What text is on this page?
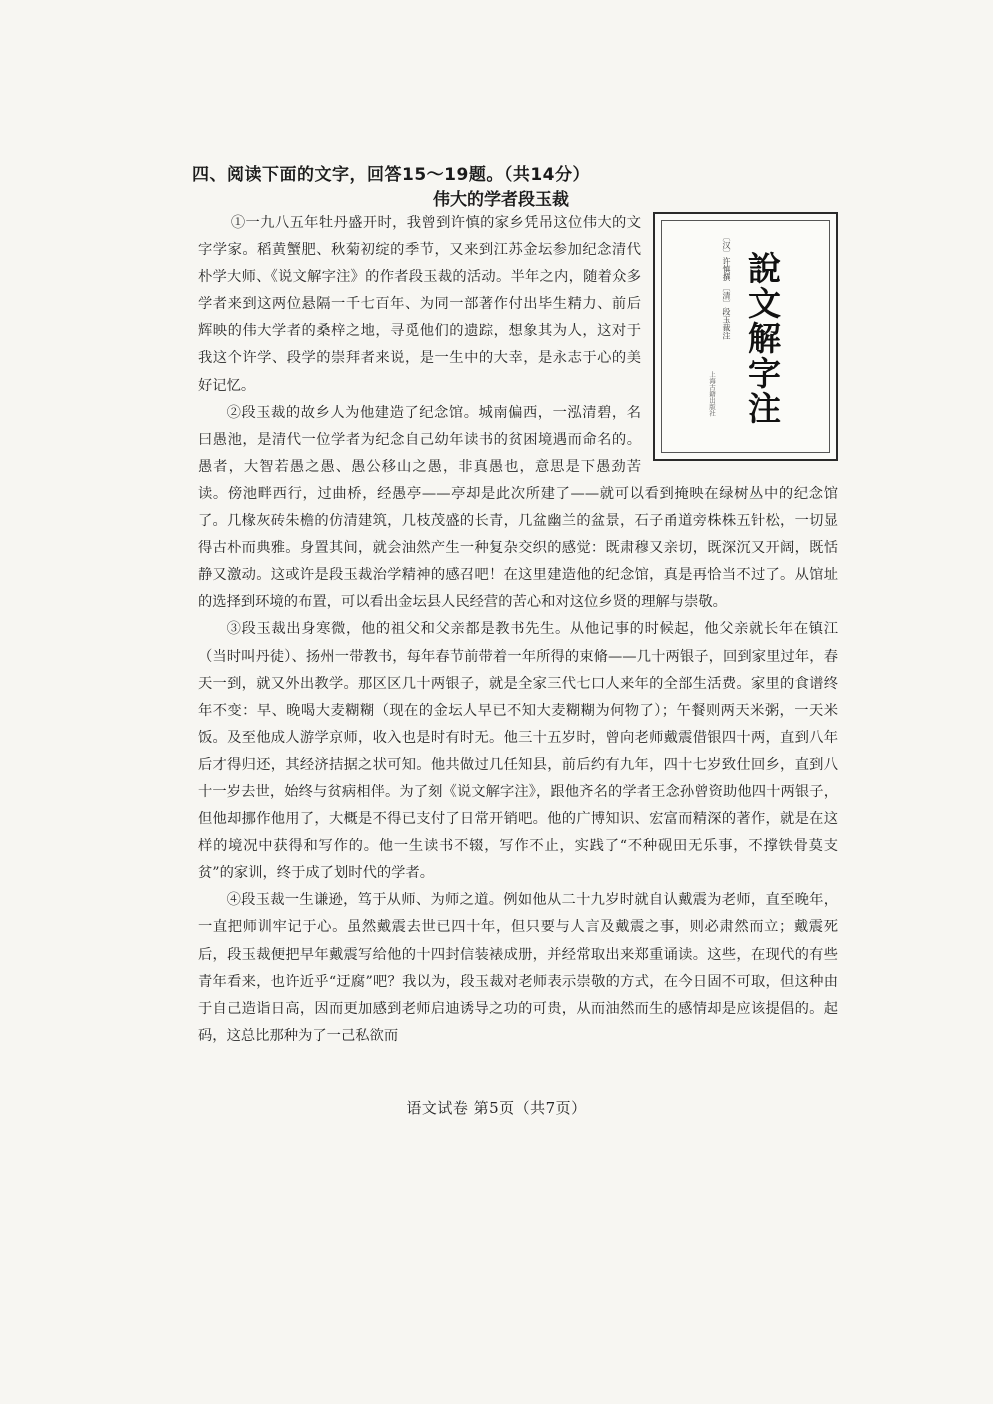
四、阅读下面的文字，回答15～19题。（共14分）
伟大的学者段玉裁
〔汉〕许慎撰 〔清〕段玉裁注 說文解字注
上海古籍出版社

①一九八五年牡丹盛开时，我曾到许慎的家乡凭吊这位伟大的文字学家。稻黄蟹肥、秋菊初绽的季节，又来到江苏金坛参加纪念清代朴学大师、《说文解字注》的作者段玉裁的活动。半年之内，随着众多学者来到这两位悬隔一千七百年、为同一部著作付出毕生精力、前后辉映的伟大学者的桑梓之地，寻觅他们的遗踪，想象其为人，这对于我这个许学、段学的崇拜者来说，是一生中的大幸，是永志于心的美好记忆。

②段玉裁的故乡人为他建造了纪念馆。城南偏西，一泓清碧，名曰愚池，是清代一位学者为纪念自己幼年读书的贫困境遇而命名的。愚者，大智若愚之愚、愚公移山之愚，非真愚也，意思是下愚劲苦读。傍池畔西行，过曲桥，经愚亭——亭却是此次所建了——就可以看到掩映在绿树丛中的纪念馆了。几椽灰砖朱檐的仿清建筑，几枝茂盛的长青，几盆幽兰的盆景，石子甬道旁株株五针松，一切显得古朴而典雅。身置其间，就会油然产生一种复杂交织的感觉：既肃穆又亲切，既深沉又开阔，既恬静又激动。这或许是段玉裁治学精神的感召吧！在这里建造他的纪念馆，真是再恰当不过了。从馆址的选择到环境的布置，可以看出金坛县人民经营的苦心和对这位乡贤的理解与崇敬。

③段玉裁出身寒微，他的祖父和父亲都是教书先生。从他记事的时候起，他父亲就长年在镇江（当时叫丹徒）、扬州一带教书，每年春节前带着一年所得的束脩——几十两银子，回到家里过年，春天一到，就又外出教学。那区区几十两银子，就是全家三代七口人来年的全部生活费。家里的食谱终年不变：早、晚喝大麦糊糊（现在的金坛人早已不知大麦糊糊为何物了）；午餐则两天米粥，一天米饭。及至他成人游学京师，收入也是时有时无。他三十五岁时，曾向老师戴震借银四十两，直到八年后才得归还，其经济拮据之状可知。他共做过几任知县，前后约有九年，四十七岁致仕回乡，直到八十一岁去世，始终与贫病相伴。为了刻《说文解字注》，跟他齐名的学者王念孙曾资助他四十两银子，但他却挪作他用了，大概是不得已支付了日常开销吧。他的广博知识、宏富而精深的著作，就是在这样的境况中获得和写作的。他一生读书不辍，写作不止，实践了“不种砚田无乐事，不撑铁骨莫支贫”的家训，终于成了划时代的学者。

④段玉裁一生谦逊，笃于从师、为师之道。例如他从二十九岁时就自认戴震为老师，直至晚年，一直把师训牢记于心。虽然戴震去世已四十年，但只要与人言及戴震之事，则必肃然而立；戴震死后，段玉裁便把早年戴震写给他的十四封信装裱成册，并经常取出来郑重诵读。这些，在现代的有些青年看来，也许近乎“迂腐”吧？我以为，段玉裁对老师表示崇敬的方式，在今日固不可取，但这种由于自己造诣日高，因而更加感到老师启迪诱导之功的可贵，从而油然而生的感情却是应该提倡的。起码，这总比那种为了一己私欲而

语文试卷 第5页（共7页）
